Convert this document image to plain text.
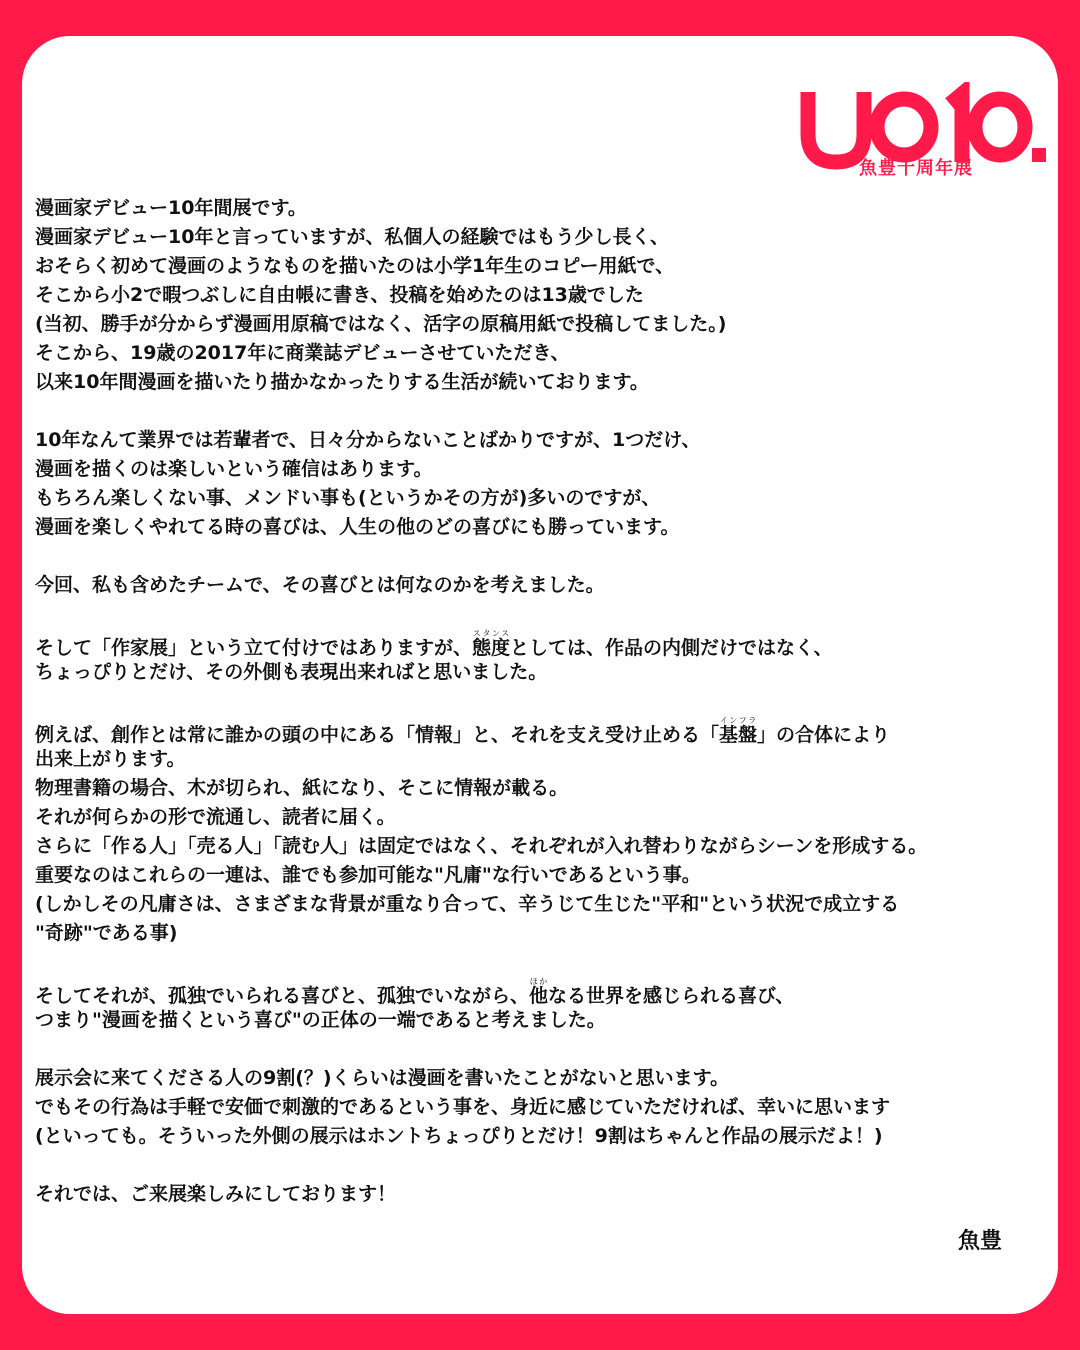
魚豊十周年展
漫画家デビュー10年間展です。
漫画家デビュー10年と言っていますが、私個人の経験ではもう少し長く、
おそらく初めて漫画のようなものを描いたのは小学1年生のコピー用紙で、
そこから小2で暇つぶしに自由帳に書き、投稿を始めたのは13歳でした
(当初、勝手が分からず漫画用原稿ではなく、活字の原稿用紙で投稿してました。)
そこから、19歳の2017年に商業誌デビューさせていただき、
以来10年間漫画を描いたり描かなかったりする生活が続いております。
10年なんて業界では若輩者で、日々分からないことばかりですが、1つだけ、
漫画を描くのは楽しいという確信はあります。
もちろん楽しくない事、メンドい事も(というかその方が)多いのですが、
漫画を楽しくやれてる時の喜びは、人生の他のどの喜びにも勝っています。
今回、私も含めたチームで、その喜びとは何なのかを考えました。
そして「作家展」という立て付けではありますが、態度スタンスとしては、作品の内側だけではなく、
ちょっぴりとだけ、その外側も表現出来ればと思いました。
例えば、創作とは常に誰かの頭の中にある「情報」と、それを支え受け止める「基盤インフラ」の合体により
出来上がります。
物理書籍の場合、木が切られ、紙になり、そこに情報が載る。
それが何らかの形で流通し、読者に届く。
さらに「作る人」「売る人」「読む人」は固定ではなく、それぞれが入れ替わりながらシーンを形成する。
重要なのはこれらの一連は、誰でも参加可能な"凡庸"な行いであるという事。
(しかしその凡庸さは、さまざまな背景が重なり合って、辛うじて生じた"平和"という状況で成立する
"奇跡"である事)
そしてそれが、孤独でいられる喜びと、孤独でいながら、他ほかなる世界を感じられる喜び、
つまり"漫画を描くという喜び"の正体の一端であると考えました。
展示会に来てくださる人の9割(？)くらいは漫画を書いたことがないと思います。
でもその行為は手軽で安価で刺激的であるという事を、身近に感じていただければ、幸いに思います
(といっても。そういった外側の展示はホントちょっぴりとだけ！9割はちゃんと作品の展示だよ！)
それでは、ご来展楽しみにしております！
魚豊
